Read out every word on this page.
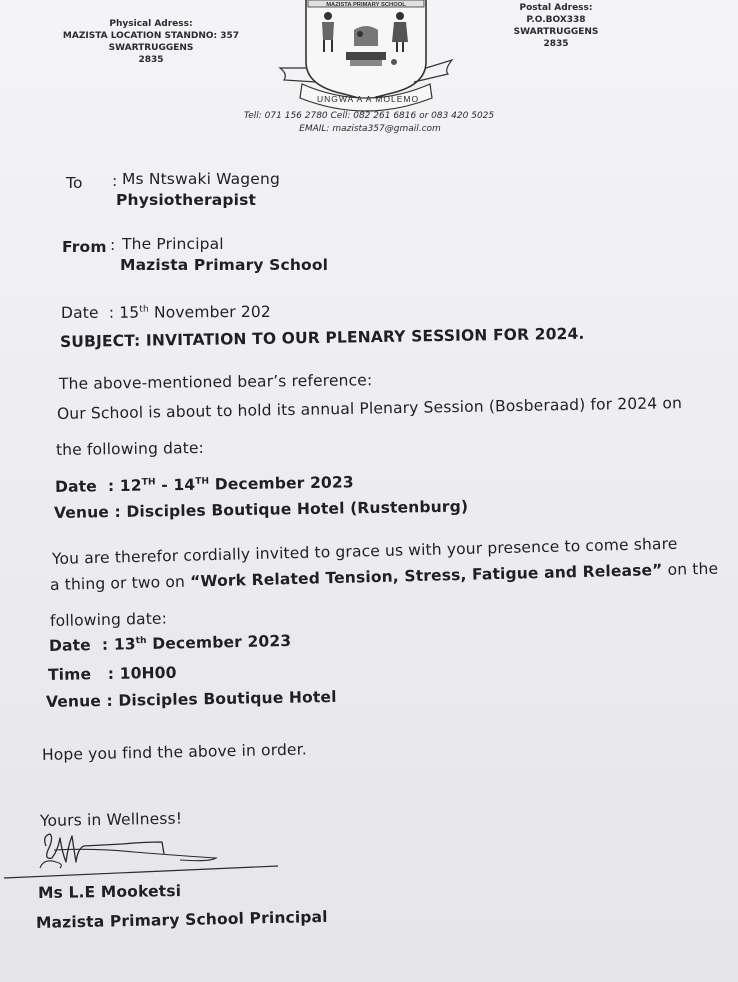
Physical Adress:
MAZISTA LOCATION STANDNO: 357
SWARTRUGGENS
2835
Postal Adress:
P.O.BOX338
SWARTRUGGENS
2835
MAZISTA PRIMARY SCHOOL
UNGWA A A MOLEMO
Tell: 071 156 2780 Cell: 082 261 6816 or 083 420 5025
EMAIL: mazista357@gmail.com
To : Ms Ntswaki Wageng
Physiotherapist
From : The Principal
Mazista Primary School
Date : 15th November 202
SUBJECT: INVITATION TO OUR PLENARY SESSION FOR 2024.
The above-mentioned bear’s reference:
Our School is about to hold its annual Plenary Session (Bosberaad) for 2024 on
the following date:
Date : 12TH - 14TH December 2023
Venue : Disciples Boutique Hotel (Rustenburg)
You are therefor cordially invited to grace us with your presence to come share
a thing or two on “Work Related Tension, Stress, Fatigue and Release” on the
following date:
Date : 13th December 2023
Time : 10H00
Venue : Disciples Boutique Hotel
Hope you find the above in order.
Yours in Wellness!
Ms L.E Mooketsi
Mazista Primary School Principal
